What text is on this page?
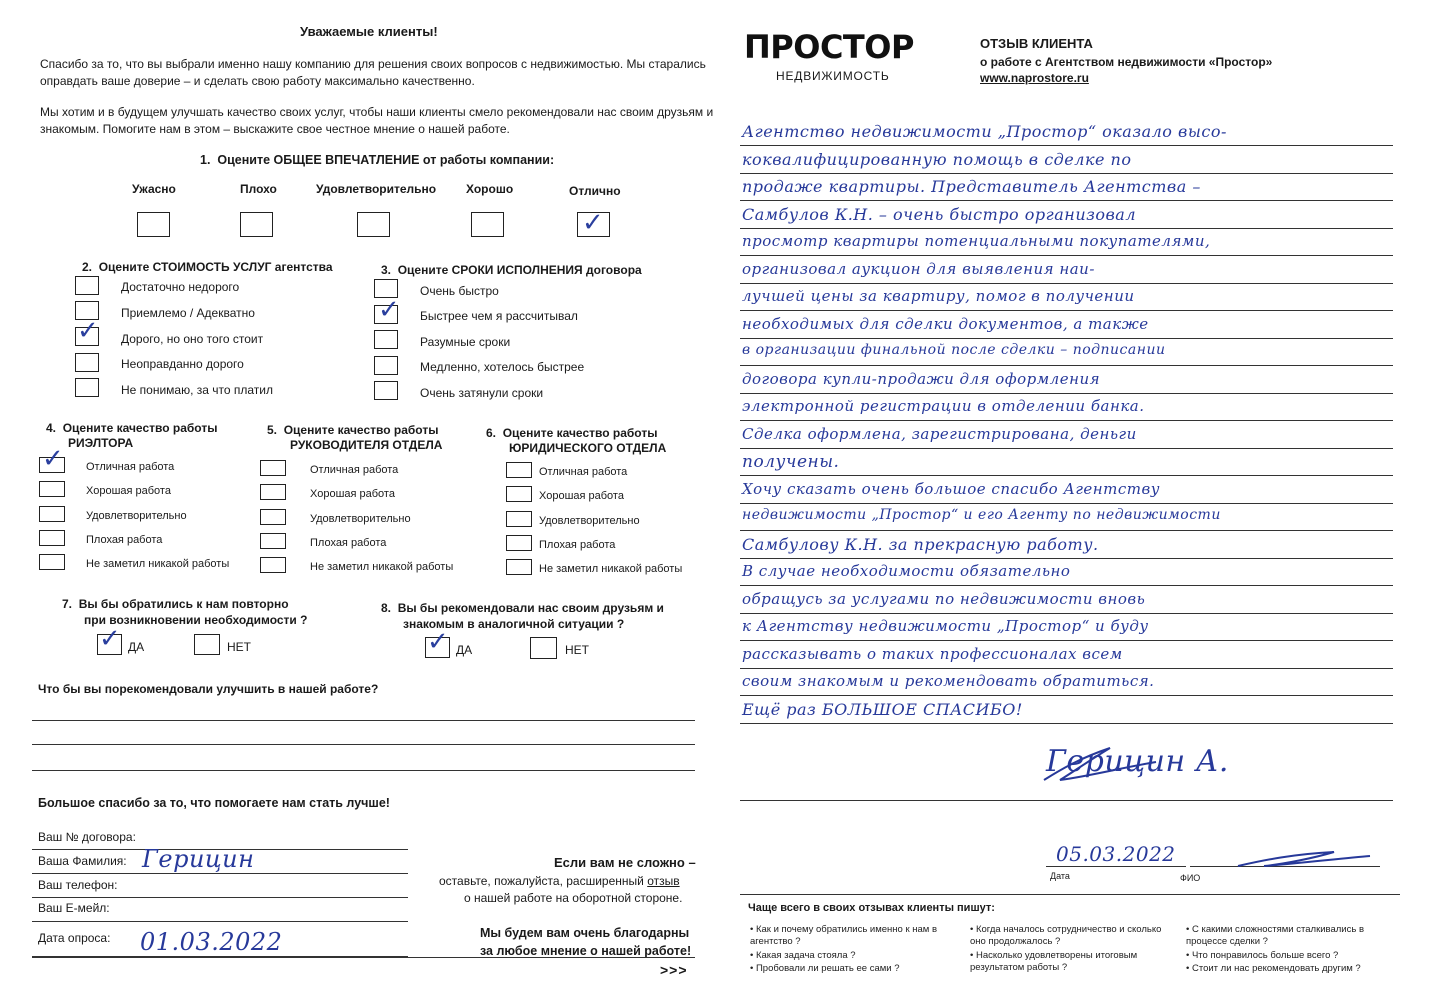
Уважаемые клиенты!
Спасибо за то, что вы выбрали именно нашу компанию для решения своих вопросов с недвижимостью. Мы старались
оправдать ваше доверие – и сделать свою работу максимально качественно.
Мы хотим и в будущем улучшать качество своих услуг, чтобы наши клиенты смело рекомендовали нас своим друзьям и
знакомым. Помогите нам в этом – выскажите свое честное мнение о нашей работе.
1. Оцените ОБЩЕЕ ВПЕЧАТЛЕНИЕ от работы компании:
Ужасно	Плохо	Удовлетворительно Хорошо	Отлично
✓
2. Оцените СТОИМОСТЬ УСЛУГ агентства
Достаточно недорого
Приемлемо / Адекватно
✓ Дорого, но оно того стоит
Неоправданно дорого
Не понимаю, за что платил
3. Оцените СРОКИ ИСПОЛНЕНИЯ договора
Очень быстро
✓ Быстрее чем я рассчитывал
Разумные сроки
Медленно, хотелось быстрее
Очень затянули сроки
4. Оцените качество работы
РИЭЛТОРА
✓ Отличная работа
Хорошая работа
Удовлетворительно
Плохая работа
Не заметил никакой работы
5. Оцените качество работы
РУКОВОДИТЕЛЯ ОТДЕЛА
Отличная работа
Хорошая работа
Удовлетворительно
Плохая работа
Не заметил никакой работы
6. Оцените качество работы
ЮРИДИЧЕСКОГО ОТДЕЛА
Отличная работа
Хорошая работа
Удовлетворительно
Плохая работа
Не заметил никакой работы
7. Вы бы обратились к нам повторно
при возникновении необходимости ?
✓ ДА	НЕТ
8. Вы бы рекомендовали нас своим друзьям и
знакомым в аналогичной ситуации ?
✓ ДА	НЕТ
Что бы вы порекомендовали улучшить в нашей работе?
Большое спасибо за то, что помогаете нам стать лучше!
Ваш № договора:
Ваша Фамилия: Герицuн
Ваш телефон:
Ваш Е-мейл:
Дата опроса: 01.03.2022
Если вам не сложно –
оставьте, пожалуйста, расширенный отзыв
о нашей работе на оборотной стороне.
Мы будем вам очень благодарны
за любое мнение о нашей работе!
>>>
ПРОСТОР
НЕДВИЖИМОСТЬ
ОТЗЫВ КЛИЕНТА
о работе с Агентством недвижимости «Простор»
www.naprostore.ru
Герицuн А.
05.03.2022
Дата	ФИО
Чаще всего в своих отзывах клиенты пишут:
• Как и почему обратились именно к нам в агентство ?
• Какая задача стояла ?
• Пробовали ли решать ее сами ?
• Когда началось сотрудничество и сколько оно продолжалось ?
• Насколько удовлетворены итоговым результатом работы ?
• С какими сложностями сталкивались в процессе сделки ?
• Что понравилось больше всего ?
• Стоит ли нас рекомендовать другим ?
Агентство недвижимости „Простор“ оказало высо-
коквалифицированную помощь в сделке по
продаже квартиры. Представитель Агентства –
Самбулов К.Н. – очень быстро организовал
просмотр квартиры потенциальными покупателями,
организовал аукцион для выявления наи-
лучшей цены за квартиру, помог в получении
необходимых для сделки документов, а также
в организации финальной после сделки – подписании
договора купли-продажи для оформления
электронной регистрации в отделении банка.
Сделка оформлена, зарегистрирована, деньги
получены.
Хочу сказать очень большое спасибо Агентству
недвижимости „Простор“ и его Агенту по недвижимости
Самбулову К.Н. за прекрасную работу.
В случае необходимости обязательно
обращусь за услугами по недвижимости вновь
к Агентству недвижимости „Простор“ и буду
рассказывать о таких профессионалах всем
своим знакомым и рекомендовать обратиться.
Ещё раз БОЛЬШОЕ СПАСИБО!
